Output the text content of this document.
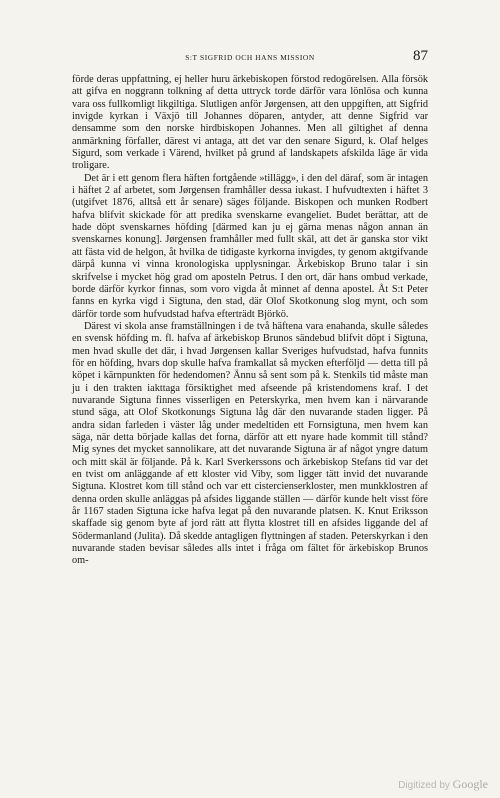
S:T SIGFRID OCH HANS MISSION	87

förde deras uppfattning, ej heller huru ärkebiskopen förstod redogörelsen. Alla försök att gifva en noggrann tolkning af detta uttryck torde därför vara lönlösa och kunna vara oss fullkomligt likgiltiga. Slutligen anför Jørgensen, att den uppgiften, att Sigfrid invigde kyrkan i Växjö till Johannes döparen, antyder, att denne Sigfrid var densamme som den norske hirdbiskopen Johannes. Men all giltighet af denna anmärkning förfaller, därest vi antaga, att det var den senare Sigurd, k. Olaf helges Sigurd, som verkade i Värend, hvilket på grund af landskapets afskilda läge är vida troligare.

Det är i ett genom flera häften fortgående »tillägg», i den del däraf, som är intagen i häftet 2 af arbetet, som Jørgensen framhåller dessa iukast. I hufvudtexten i häftet 3 (utgifvet 1876, alltså ett år senare) säges följande. Biskopen och munken Rodbert hafva blifvit skickade för att predika svenskarne evangeliet. Budet berättar, att de hade döpt svenskarnes höfding [därmed kan ju ej gärna menas någon annan än svenskarnes konung]. Jørgensen framhåller med fullt skäl, att det är ganska stor vikt att fästa vid de helgon, åt hvilka de tidigaste kyrkorna invigdes, ty genom aktgifvande därpå kunna vi vinna kronologiska upplysningar. Ärkebiskop Bruno talar i sin skrifvelse i mycket hög grad om aposteln Petrus. I den ort, där hans ombud verkade, borde därför kyrkor finnas, som voro vigda åt minnet af denna apostel. Åt S:t Peter fanns en kyrka vigd i Sigtuna, den stad, där Olof Skotkonung slog mynt, och som därför torde som hufvudstad hafva efterträdt Björkö.

Därest vi skola anse framställningen i de två häftena vara enahanda, skulle således en svensk höfding m. fl. hafva af ärkebiskop Brunos sändebud blifvit döpt i Sigtuna, men hvad skulle det där, i hvad Jørgensen kallar Sveriges hufvudstad, hafva funnits för en höfding, hvars dop skulle hafva framkallat så mycken efterföljd — detta till på köpet i kärnpunkten för hedendomen? Ännu så sent som på k. Stenkils tid måste man ju i den trakten iakttaga försiktighet med afseende på kristendomens kraf. I det nuvarande Sigtuna finnes visserligen en Peterskyrka, men hvem kan i närvarande stund säga, att Olof Skotkonungs Sigtuna låg där den nuvarande staden ligger. På andra sidan farleden i väster låg under medeltiden ett Fornsigtuna, men hvem kan säga, när detta började kallas det forna, därför att ett nyare hade kommit till stånd? Mig synes det mycket sannolikare, att det nuvarande Sigtuna är af något yngre datum och mitt skäl är följande. På k. Karl Sverkerssons och ärkebiskop Stefans tid var det en tvist om anläggande af ett kloster vid Viby, som ligger tätt invid det nuvarande Sigtuna. Klostret kom till stånd och var ett cistercienserkloster, men munkklostren af denna orden skulle anläggas på afsides liggande ställen — därför kunde helt visst före år 1167 staden Sigtuna icke hafva legat på den nuvarande platsen. K. Knut Eriksson skaffade sig genom byte af jord rätt att flytta klostret till en afsides liggande del af Södermanland (Julita). Då skedde antagligen flyttningen af staden. Peterskyrkan i den nuvarande staden bevisar således alls intet i fråga om fältet för ärkebiskop Brunos om-

Digitized by Google
